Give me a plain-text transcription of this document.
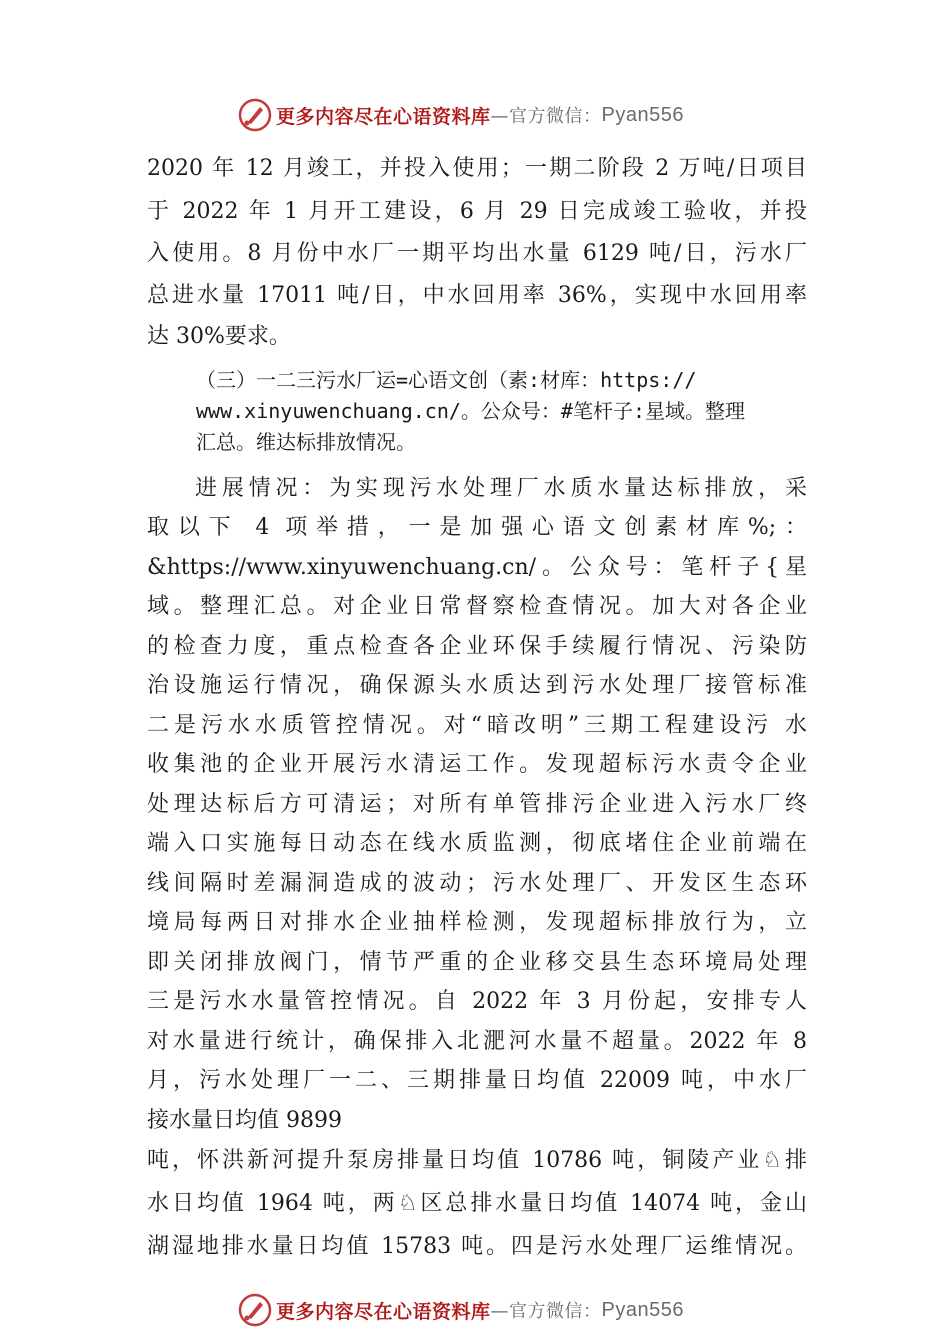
更多内容尽在心语资料库 —官方微信： Pyan556
2020 年 12 月竣工，并投入使用；一期二阶段 2 万吨/日项目
于 2022 年 1 月开工建设，6 月 29 日完成竣工验收，并投
入使用。8 月份中水厂一期平均出水量 6129 吨/日，污水厂
总进水量 17011 吨/日，中水回用率 36%，实现中水回用率
达 30%要求。
（三）一二三污水厂运=心语文创（素:材库：https://
www.xinyuwenchuang.cn/。公众号：#笔杆子:星域。整理
汇总。维达标排放情况。
进展情况：为实现污水处理厂水质水量达标排放，采
取以下 4 项举措，一是加强心语文创素材库%;：
&https://www.xinyuwenchuang.cn/。公众号：笔杆子{星
域。整理汇总。对企业日常督察检查情况。加大对各企业
的检查力度，重点检查各企业环保手续履行情况、污染防
治设施运行情况，确保源头水质达到污水处理厂接管标准
二是污水水质管控情况。对“暗改明”三期工程建设污 水
收集池的企业开展污水清运工作。发现超标污水责令企业
处理达标后方可清运；对所有单管排污企业进入污水厂终
端入口实施每日动态在线水质监测，彻底堵住企业前端在
线间隔时差漏洞造成的波动；污水处理厂、开发区生态环
境局每两日对排水企业抽样检测，发现超标排放行为，立
即关闭排放阀门，情节严重的企业移交县生态环境局处理
三是污水水量管控情况。自 2022 年 3 月份起，安排专人
对水量进行统计，确保排入北淝河水量不超量。2022 年 8
月，污水处理厂一二、三期排量日均值 22009 吨，中水厂
接水量日均值 9899
吨，怀洪新河提升泵房排量日均值 10786 吨，铜陵产业♘排
水日均值 1964 吨，两♘区总排水量日均值 14074 吨，金山
湖湿地排水量日均值 15783 吨。四是污水处理厂运维情况。
更多内容尽在心语资料库 —官方微信： Pyan556
